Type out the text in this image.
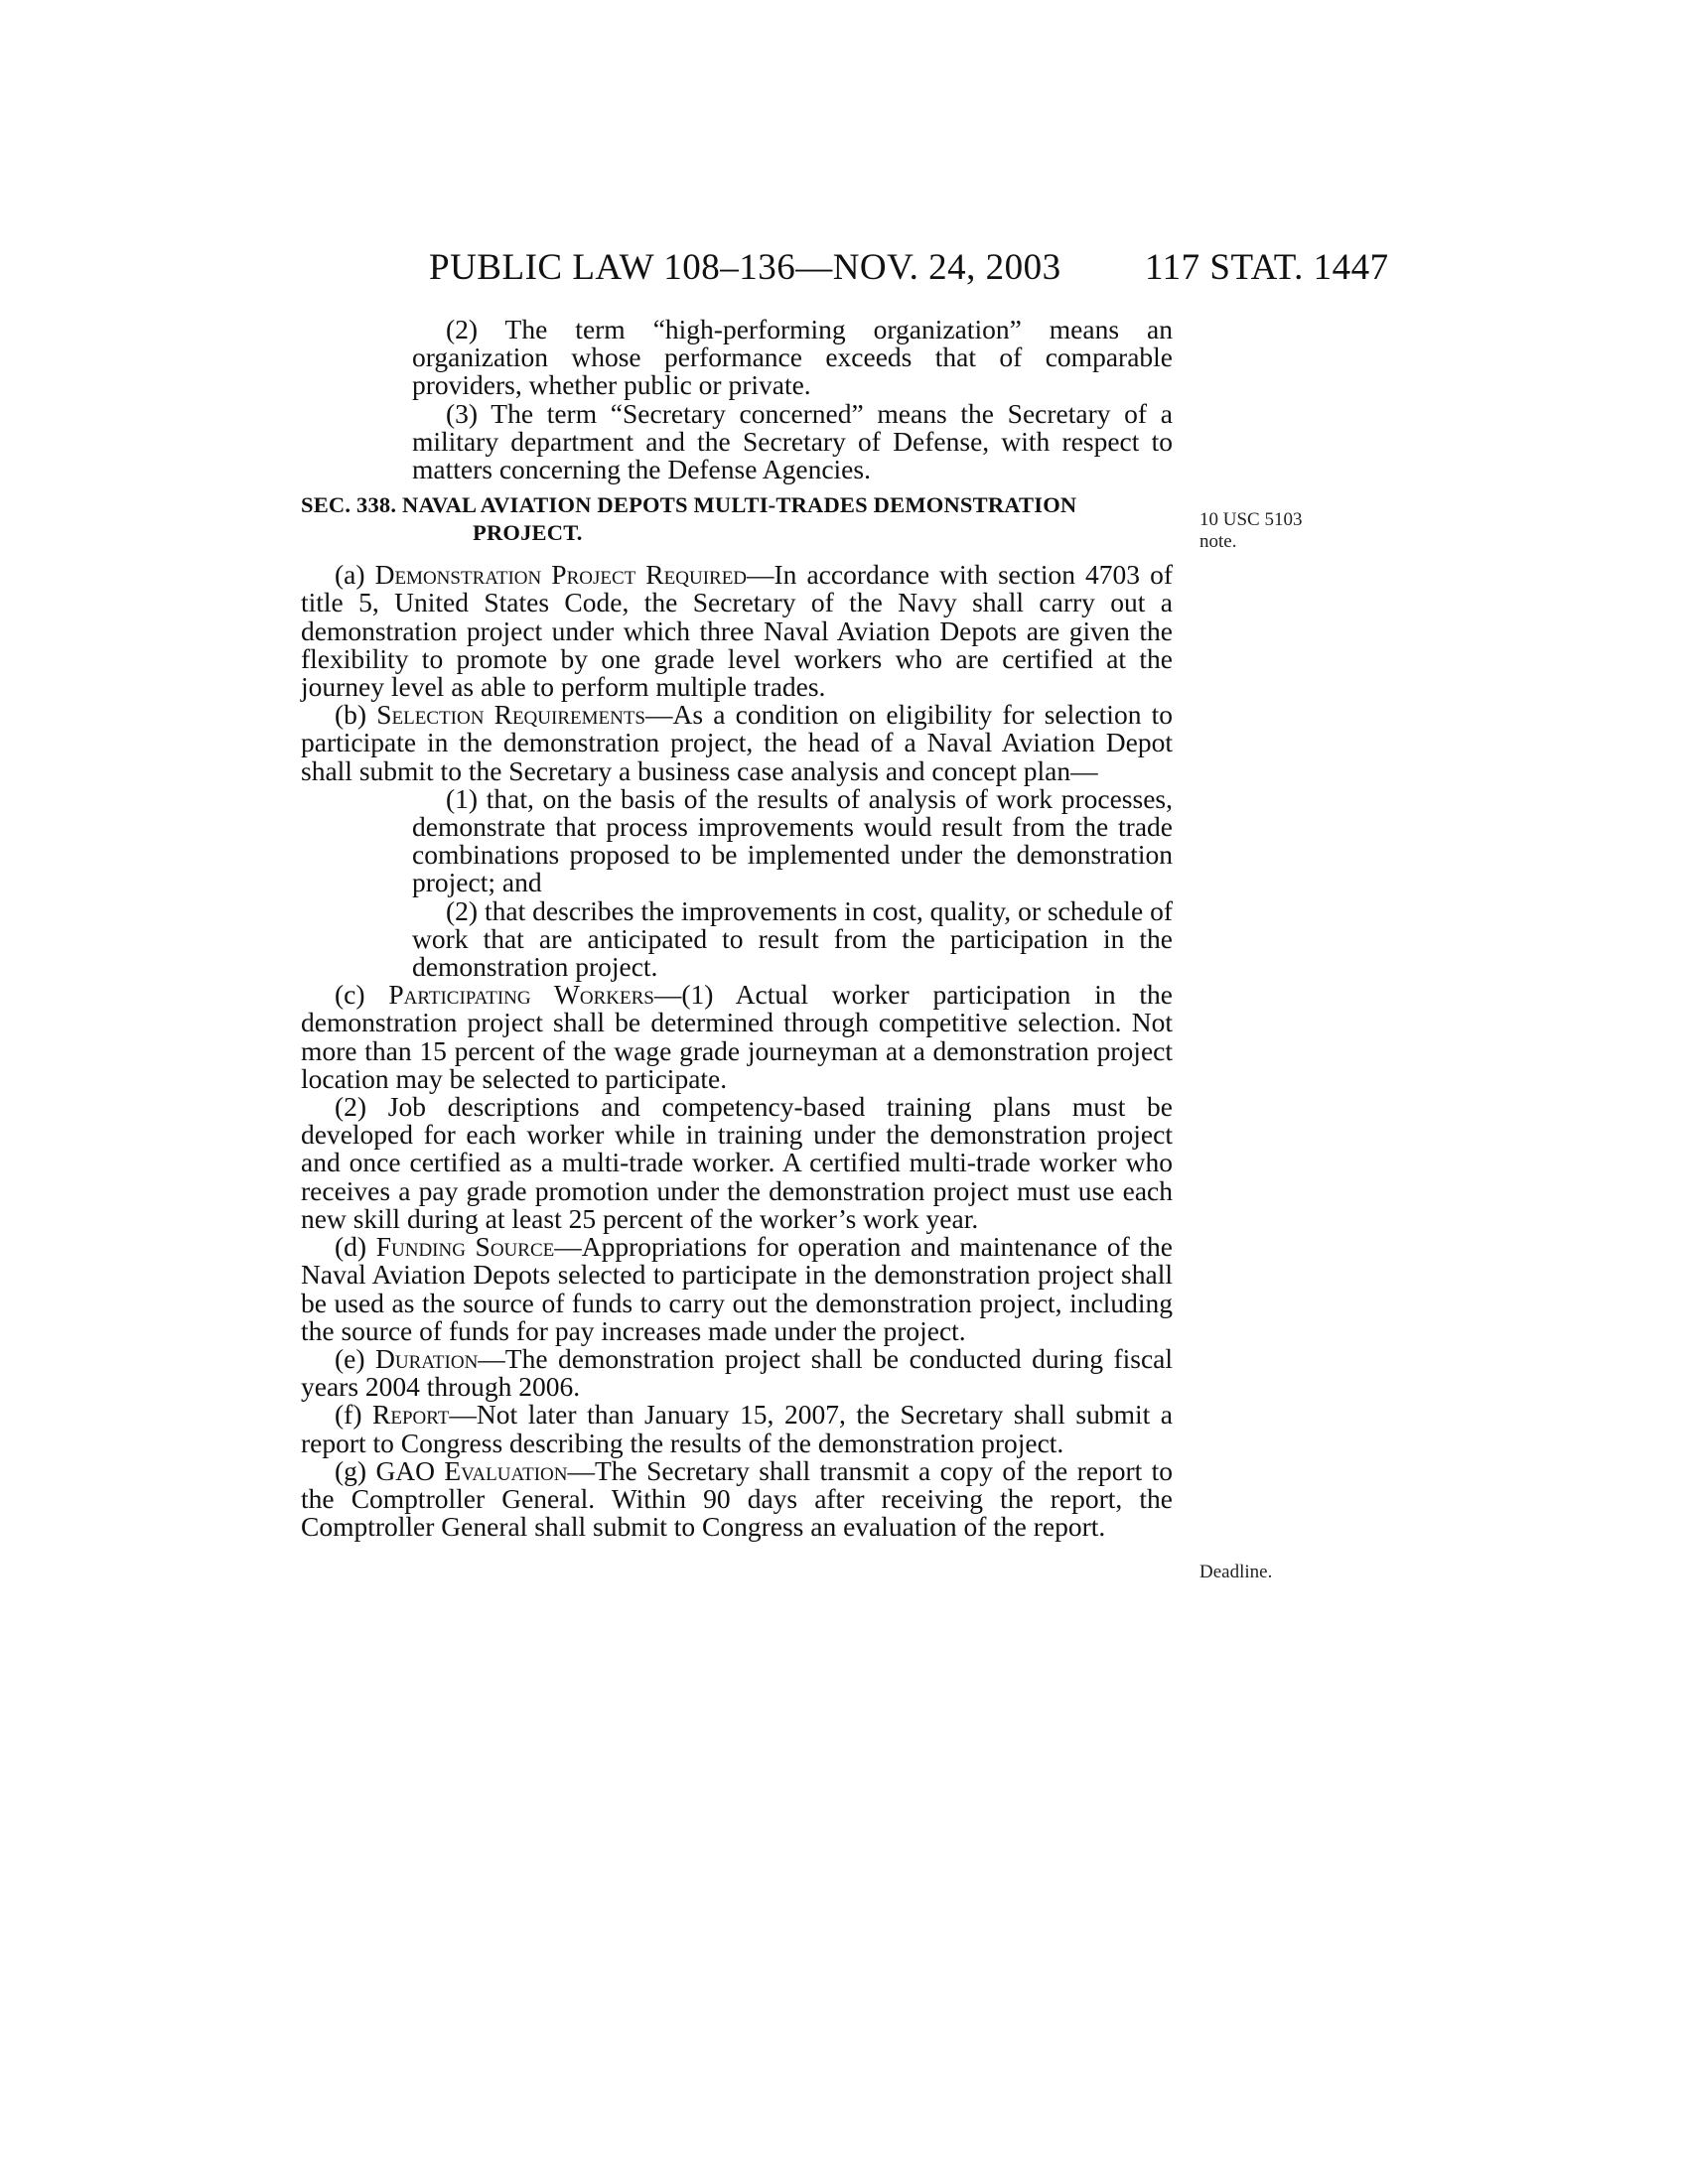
PUBLIC LAW 108–136—NOV. 24, 2003 117 STAT. 1447
10 USC 5103
note.
Deadline.

(2) The term “high-performing organization” means an organization whose performance exceeds that of comparable providers, whether public or private.

(3) The term “Secretary concerned” means the Secretary of a military department and the Secretary of Defense, with respect to matters concerning the Defense Agencies.

SEC. 338. NAVAL AVIATION DEPOTS MULTI-TRADES DEMONSTRATION
PROJECT.

(a) Demonstration Project Required—In accordance with section 4703 of title 5, United States Code, the Secretary of the Navy shall carry out a demonstration project under which three Naval Aviation Depots are given the flexibility to promote by one grade level workers who are certified at the journey level as able to perform multiple trades.

(b) Selection Requirements—As a condition on eligibility for selection to participate in the demonstration project, the head of a Naval Aviation Depot shall submit to the Secretary a business case analysis and concept plan—

(1) that, on the basis of the results of analysis of work processes, demonstrate that process improvements would result from the trade combinations proposed to be implemented under the demonstration project; and

(2) that describes the improvements in cost, quality, or schedule of work that are anticipated to result from the participation in the demonstration project.

(c) Participating Workers—(1) Actual worker participation in the demonstration project shall be determined through competitive selection. Not more than 15 percent of the wage grade journeyman at a demonstration project location may be selected to participate.

(2) Job descriptions and competency-based training plans must be developed for each worker while in training under the demonstration project and once certified as a multi-trade worker. A certified multi-trade worker who receives a pay grade promotion under the demonstration project must use each new skill during at least 25 percent of the worker’s work year.

(d) Funding Source—Appropriations for operation and maintenance of the Naval Aviation Depots selected to participate in the demonstration project shall be used as the source of funds to carry out the demonstration project, including the source of funds for pay increases made under the project.

(e) Duration—The demonstration project shall be conducted during fiscal years 2004 through 2006.

(f) Report—Not later than January 15, 2007, the Secretary shall submit a report to Congress describing the results of the demonstration project.

(g) GAO Evaluation—The Secretary shall transmit a copy of the report to the Comptroller General. Within 90 days after receiving the report, the Comptroller General shall submit to Congress an evaluation of the report.
